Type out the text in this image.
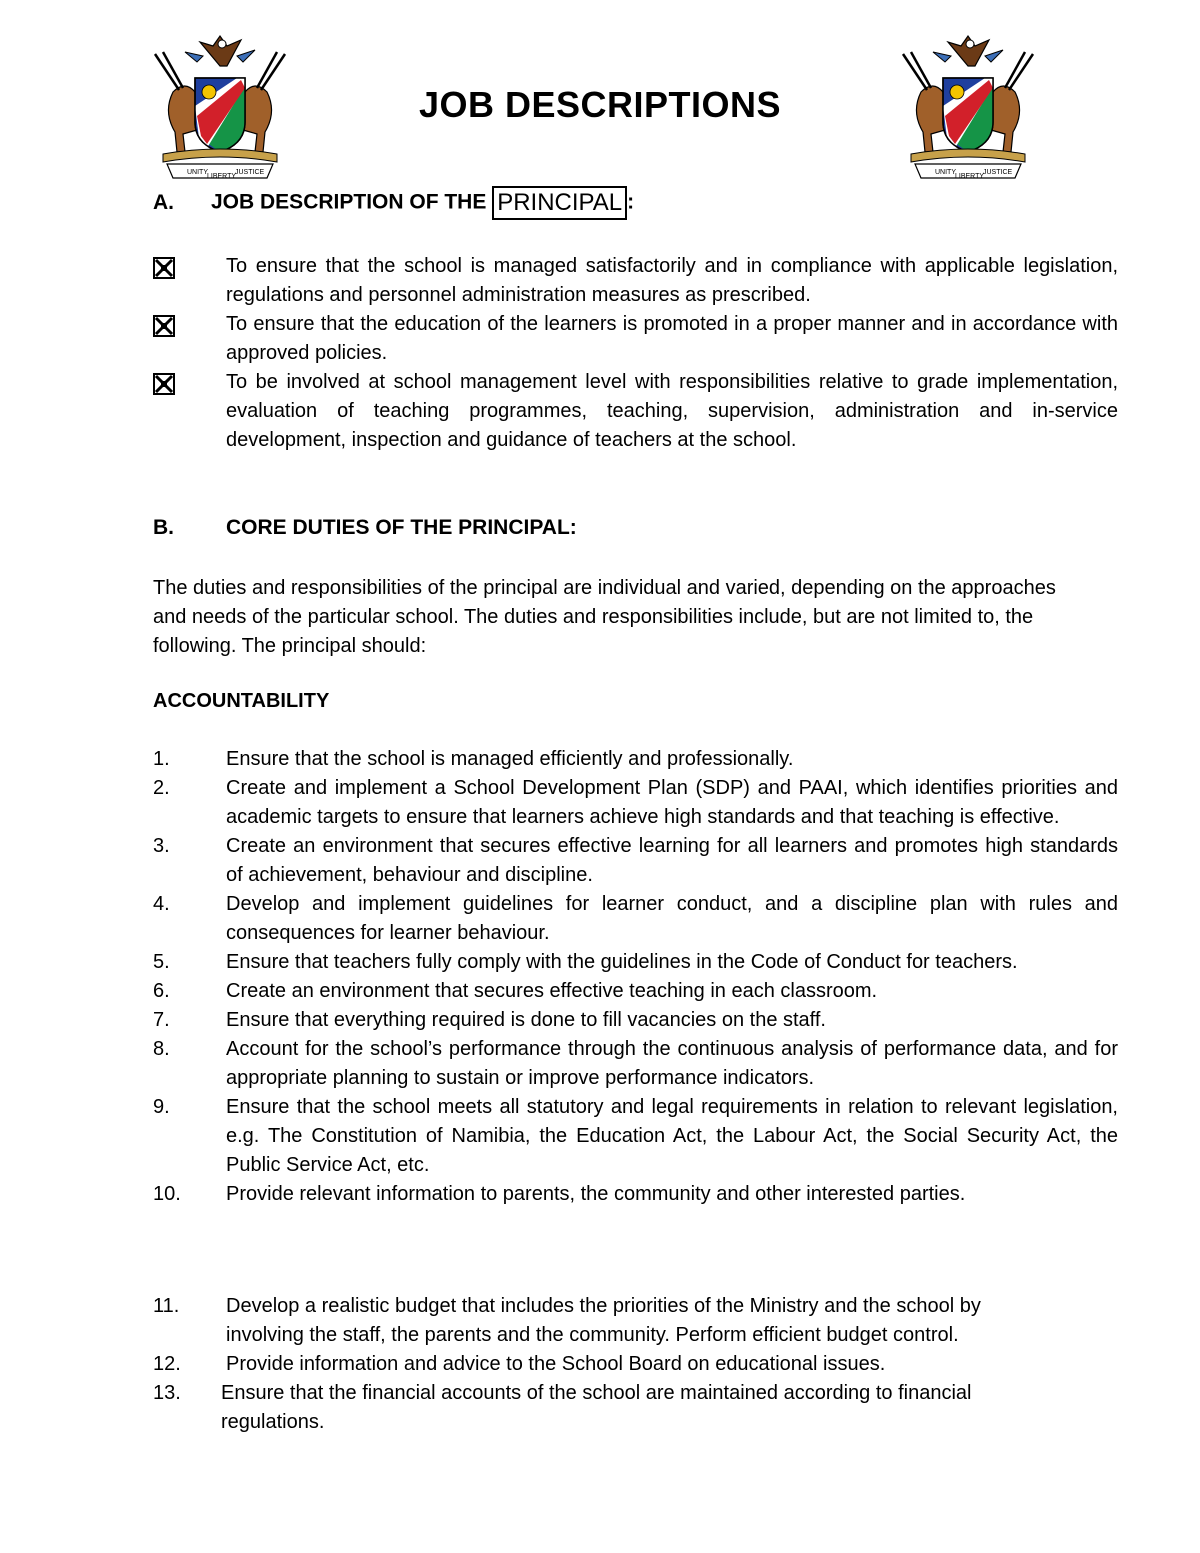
UNITY
LIBERTY
JUSTICE	UNITY
LIBERTY
JUSTICE
JOB DESCRIPTIONS
A. JOB DESCRIPTION OF THE PRINCIPAL :
To ensure that the school is managed satisfactorily and in compliance with applicable legislation, regulations and personnel administration measures as prescribed.
To ensure that the education of the learners is promoted in a proper manner and in accordance with approved policies.
To be involved at school management level with responsibilities relative to grade implementation, evaluation of teaching programmes, teaching, supervision, administration and in-service development, inspection and guidance of teachers at the school.
B. CORE DUTIES OF THE PRINCIPAL:

The duties and responsibilities of the principal are individual and varied, depending on the approaches and needs of the particular school. The duties and responsibilities include, but are not limited to, the following. The principal should:

ACCOUNTABILITY
1.	Ensure that the school is managed efficiently and professionally.
2.	Create and implement a School Development Plan (SDP) and PAAI, which identifies priorities and academic targets to ensure that learners achieve high standards and that teaching is effective.
3.	Create an environment that secures effective learning for all learners and promotes high standards of achievement, behaviour and discipline.
4.	Develop and implement guidelines for learner conduct, and a discipline plan with rules and consequences for learner behaviour.
5.	Ensure that teachers fully comply with the guidelines in the Code of Conduct for teachers.
6.	Create an environment that secures effective teaching in each classroom.
7.	Ensure that everything required is done to fill vacancies on the staff.
8.	Account for the school’s performance through the continuous analysis of performance data, and for appropriate planning to sustain or improve performance indicators.
9.	Ensure that the school meets all statutory and legal requirements in relation to relevant legislation, e.g. The Constitution of Namibia, the Education Act, the Labour Act, the Social Security Act, the Public Service Act, etc.
10. Provide relevant information to parents, the community and other interested parties.
11. Develop a realistic budget that includes the priorities of the Ministry and the school by involving the staff, the parents and the community. Perform efficient budget control.
12. Provide information and advice to the School Board on educational issues.
13. Ensure that the financial accounts of the school are maintained according to financial regulations.
